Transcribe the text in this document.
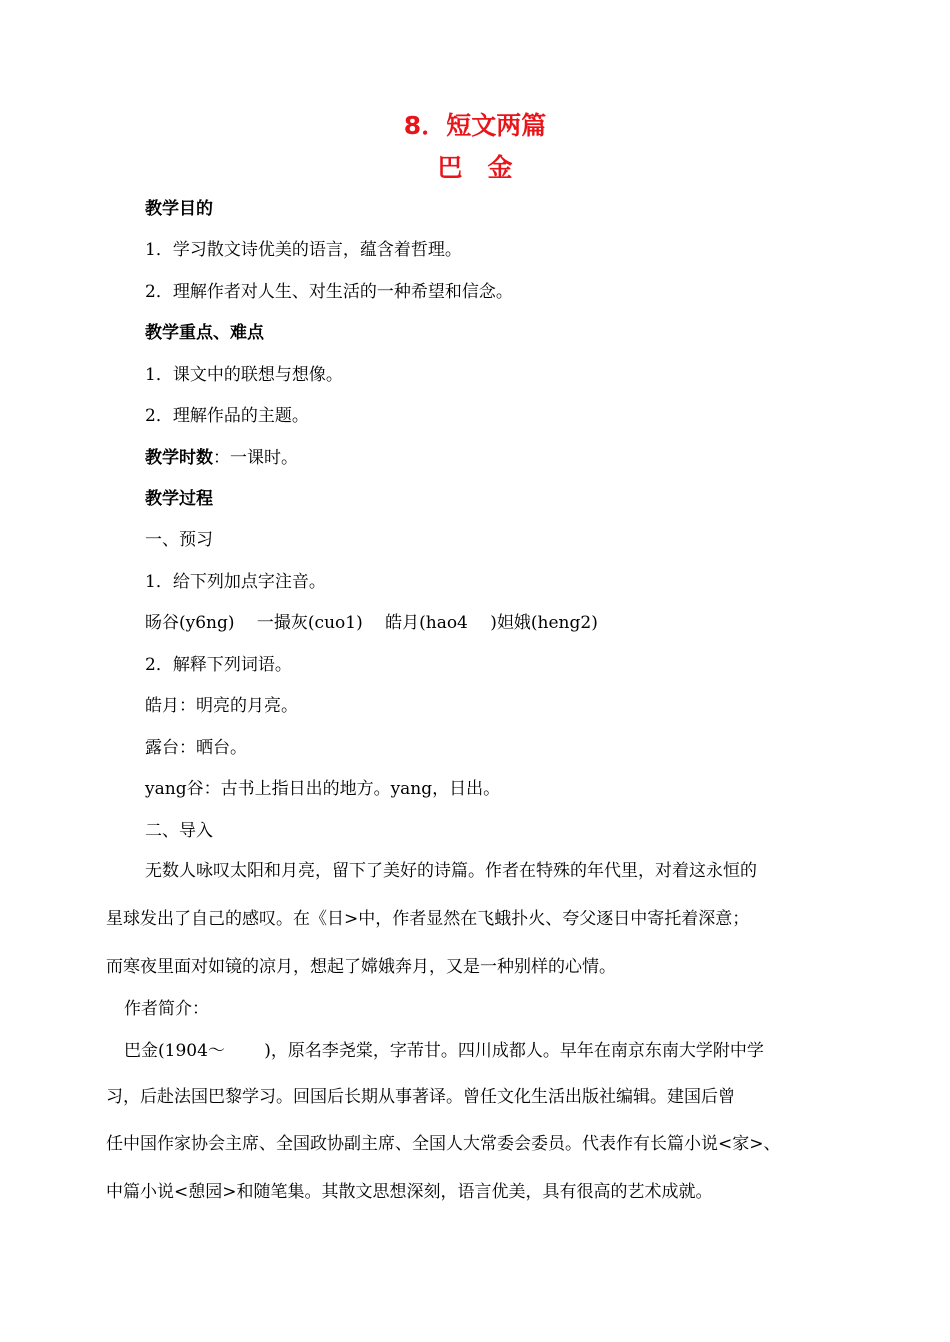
8．短文两篇
巴　金
教学目的
1．学习散文诗优美的语言，蕴含着哲理。
2．理解作者对人生、对生活的一种希望和信念。
教学重点、难点
1．课文中的联想与想像。
2．理解作品的主题。
教学时数：一课时。
教学过程
一、预习
1．给下列加点字注音。
旸谷(y6ng)　 一撮灰(cuo1)　 皓月(hao4　 )妲娥(heng2)
2．解释下列词语。
皓月：明亮的月亮。
露台：晒台。
yang谷：古书上指日出的地方。yang，日出。
二、导入
无数人咏叹太阳和月亮，留下了美好的诗篇。作者在特殊的年代里，对着这永恒的
星球发出了自己的感叹。在《日>中，作者显然在飞蛾扑火、夸父逐日中寄托着深意；
而寒夜里面对如镜的凉月，想起了嫦娥奔月，又是一种别样的心情。
作者简介：
巴金(1904～　　 )，原名李尧棠，字芾甘。四川成都人。早年在南京东南大学附中学
习，后赴法国巴黎学习。回国后长期从事著译。曾任文化生活出版社编辑。建国后曾
任中国作家协会主席、全国政协副主席、全国人大常委会委员。代表作有长篇小说<家>、
中篇小说<憩园>和随笔集。其散文思想深刻，语言优美，具有很高的艺术成就。
